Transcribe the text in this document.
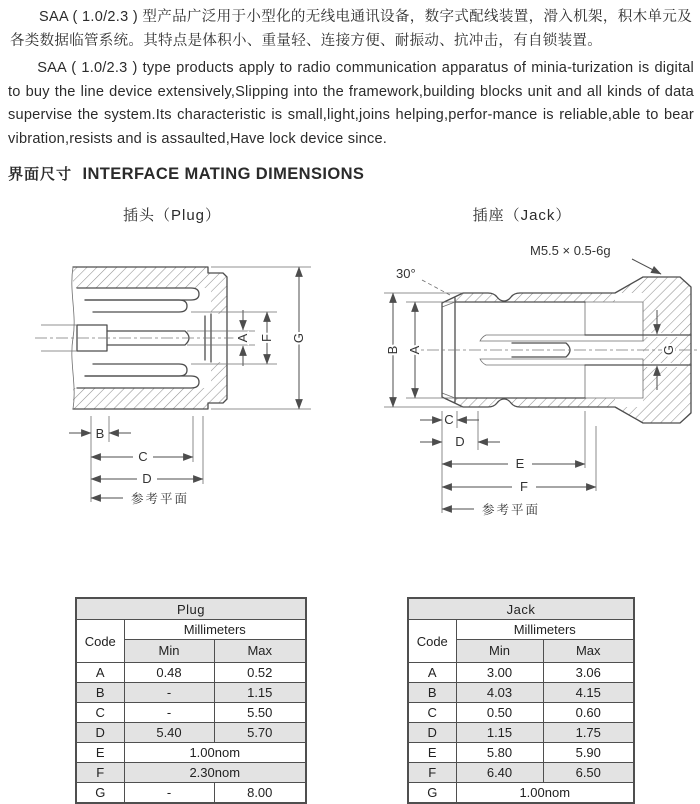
SAA ( 1.0/2.3 ) 型产品广泛用于小型化的无线电通讯设备，数字式配线装置，滑入机架，积木单元及各类数据临管系统。其特点是体积小、重量轻、连接方便、耐振动、抗冲击，有自锁装置。

SAA ( 1.0/2.3 ) type products apply to radio communication apparatus of minia-turization is digital to buy the line device extensively,Slipping into the framework,building blocks unit and all kinds of data supervise the system.Its characteristic is small,light,joins helping,perfor-mance is reliable,able to bear vibration,resists and is assaulted,Have lock device since.

界面尺寸 INTERFACE MATING DIMENSIONS
插头（Plug）	插座（Jack）
A F G
B
C
D
参考平面
M5.5 × 0.5-6g
30°
B A	G
C
D
E
F
参考平面
Plug		
Code	Millimeters	
	Min	Max
A	0.48	0.52
B	-	1.15
C	-	5.50
D	5.40	5.70
E	1.00nom	
F	2.30nom	
G	-	8.00
Jack		
Code	Millimeters	
	Min	Max
A	3.00	3.06
B	4.03	4.15
C	0.50	0.60
D	1.15	1.75
E	5.80	5.90
F	6.40	6.50
G	1.00nom	
